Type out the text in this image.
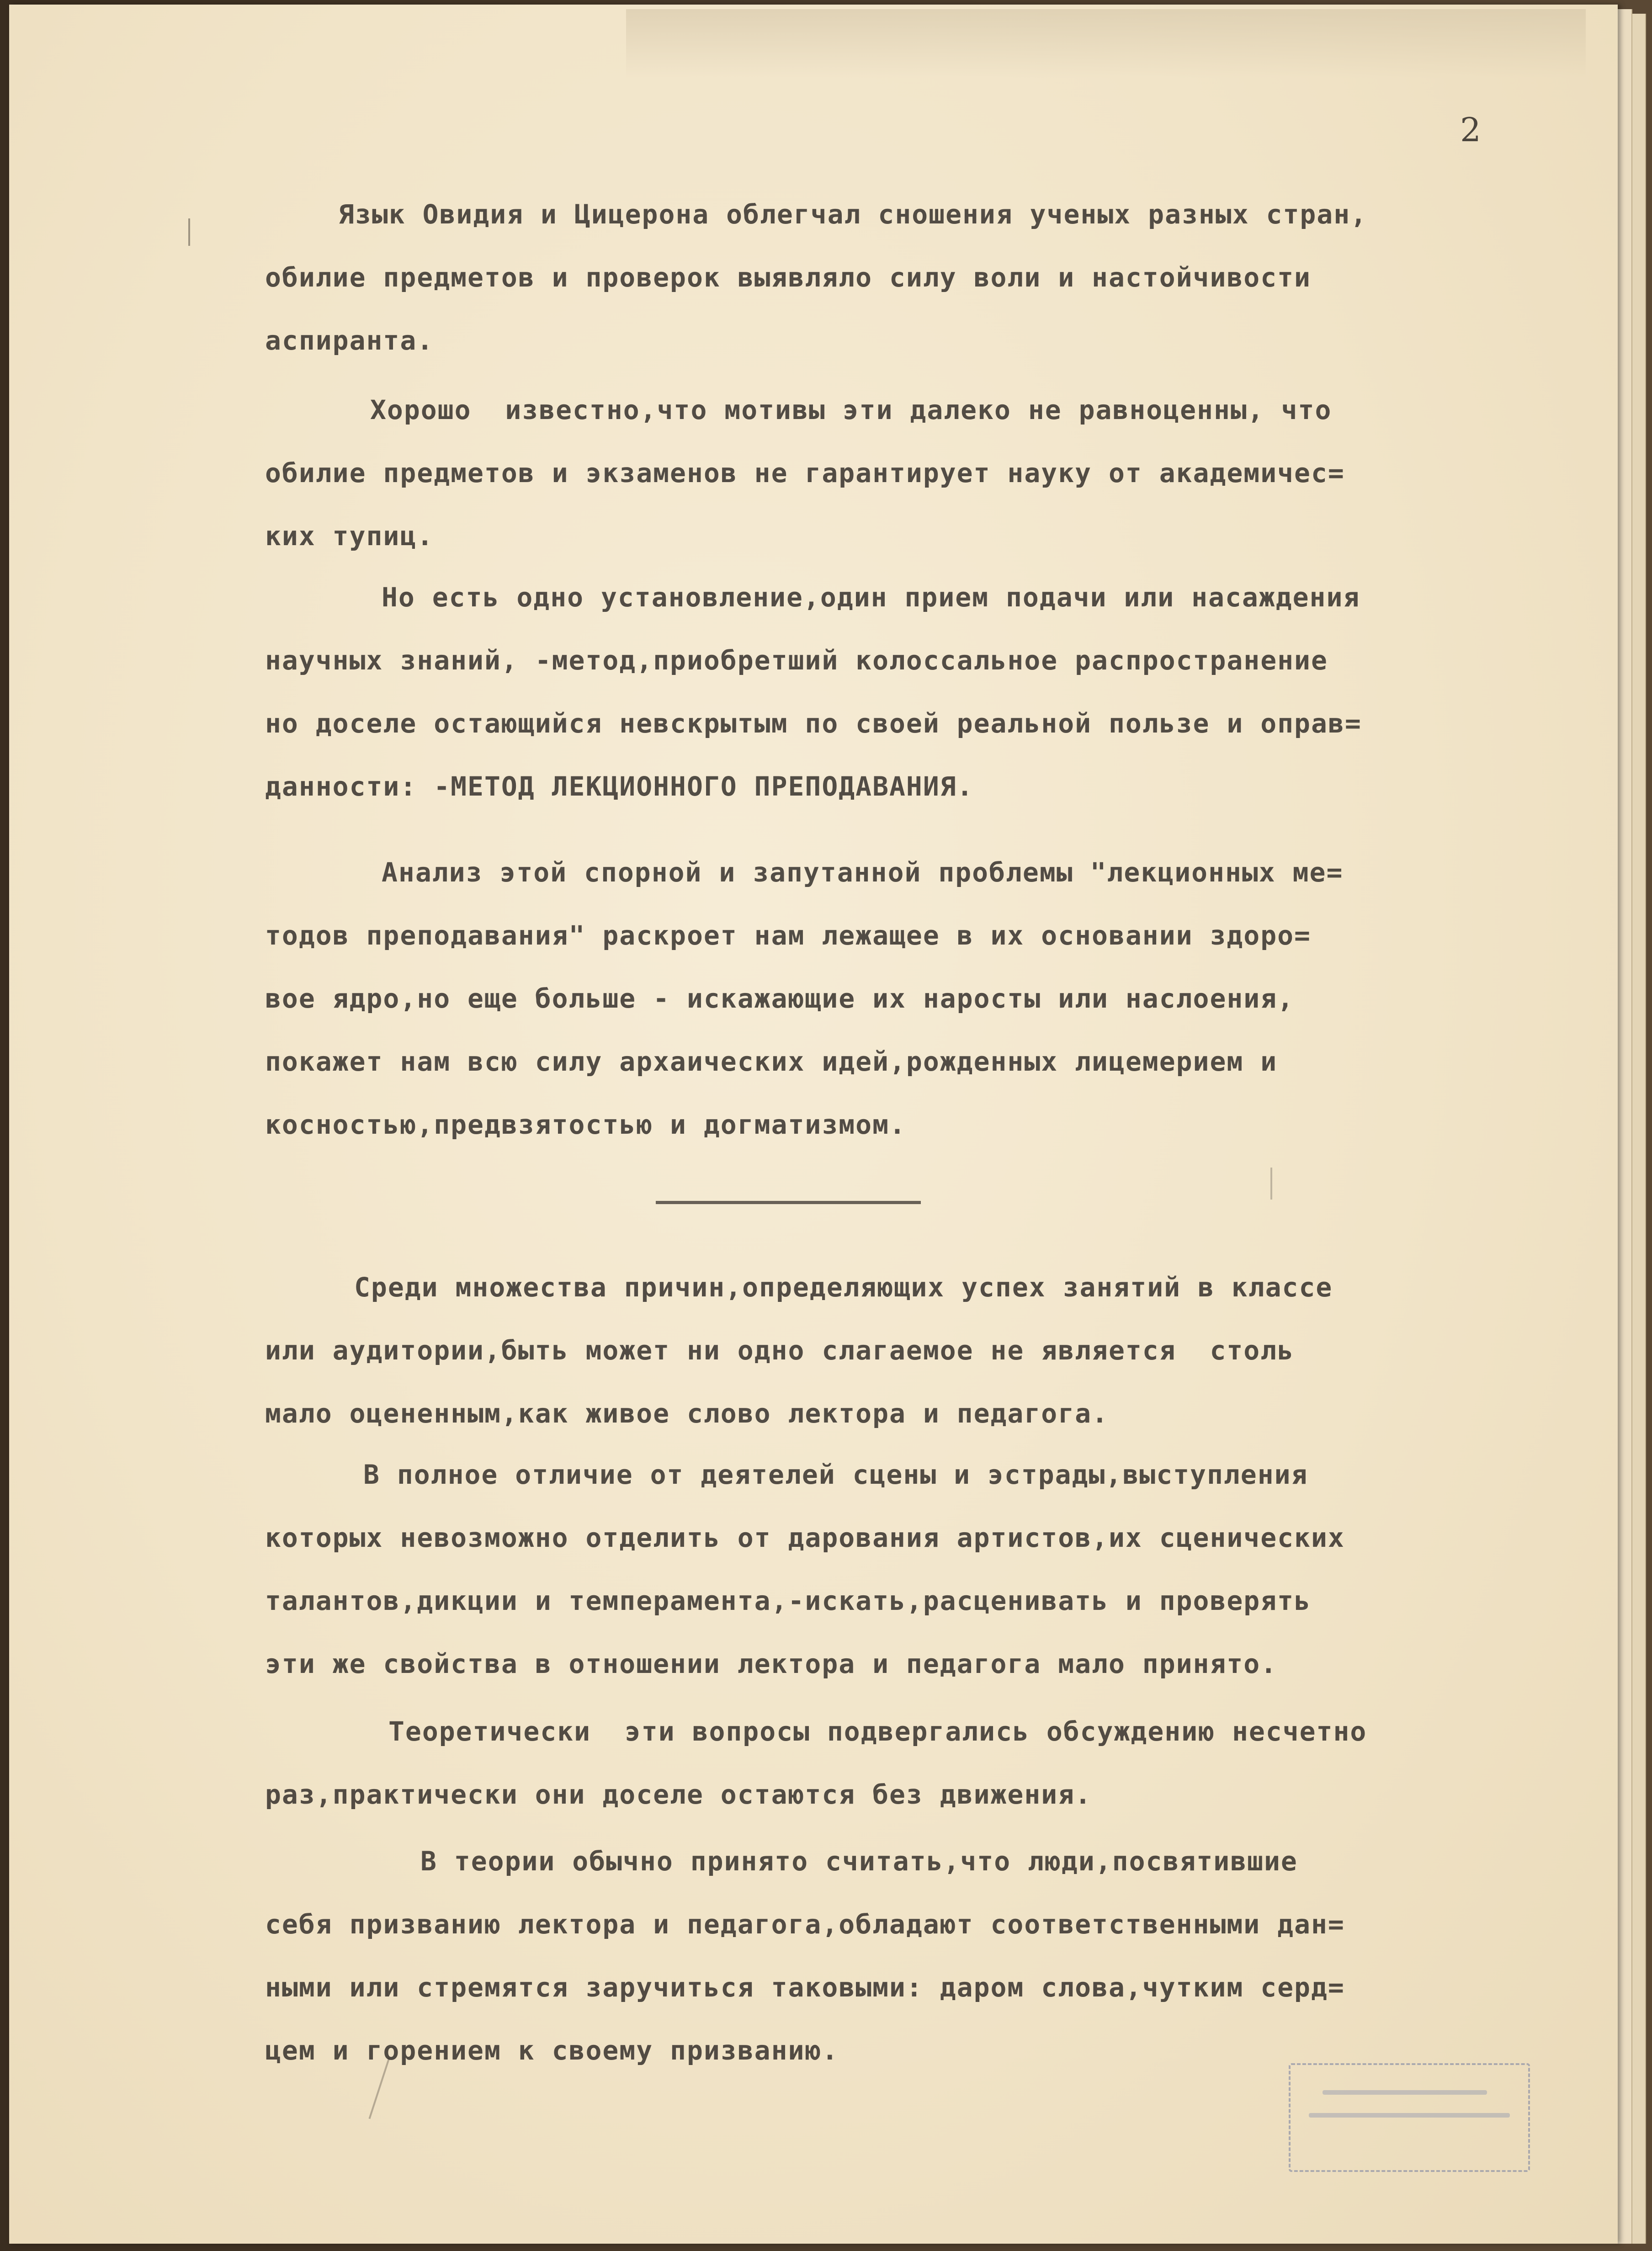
2
Язык Овидия и Цицерона облегчал сношения ученых разных стран,
обилие предметов и проверок выявляло силу воли и настойчивости
аспиранта.
Хорошо  известно,что мотивы эти далеко не равноценны, что
обилие предметов и экзаменов не гарантирует науку от академичес=
ких тупиц.
Но есть одно установление,один прием подачи или насаждения
научных знаний, -метод,приобретший колоссальное распространение
но доселе остающийся невскрытым по своей реальной пользе и оправ=
данности: -МЕТОД ЛЕКЦИОННОГО ПРЕПОДАВАНИЯ.
Анализ этой спорной и запутанной проблемы "лекционных ме=
тодов преподавания" раскроет нам лежащее в их основании здоро=
вое ядро,но еще больше - искажающие их наросты или наслоения,
покажет нам всю силу архаических идей,рожденных лицемерием и
косностью,предвзятостью и догматизмом.
Среди множества причин,определяющих успех занятий в классе
или аудитории,быть может ни одно слагаемое не является  столь
мало оцененным,как живое слово лектора и педагога.
В полное отличие от деятелей сцены и эстрады,выступления
которых невозможно отделить от дарования артистов,их сценических
талантов,дикции и темперамента,-искать,расценивать и проверять
эти же свойства в отношении лектора и педагога мало принято.
Теоретически  эти вопросы подвергались обсуждению несчетно
раз,практически они доселе остаются без движения.
В теории обычно принято считать,что люди,посвятившие
себя призванию лектора и педагога,обладают соответственными дан=
ными или стремятся заручиться таковыми: даром слова,чутким серд=
цем и горением к своему призванию.
